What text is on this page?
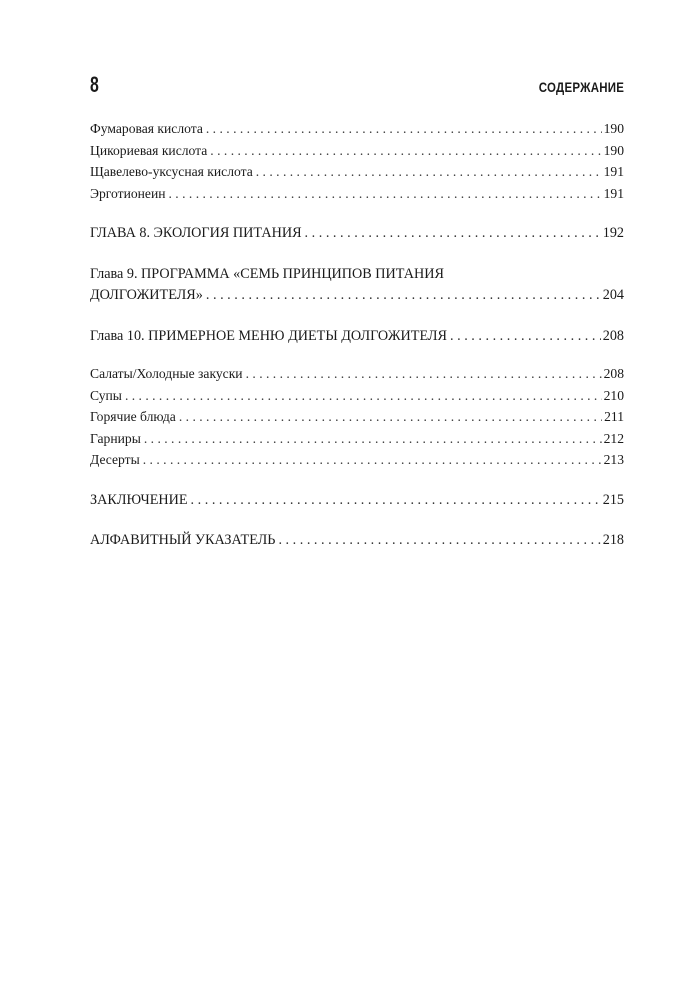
8	СОДЕРЖАНИЕ
Фумаровая кислота . . .	190
Цикориевая кислота . . .	190
Щавелево-уксусная кислота . . .	191
Эрготионеин . . .	191
ГЛАВА 8. ЭКОЛОГИЯ ПИТАНИЯ . . .	192
Глава 9. ПРОГРАММА «СЕМЬ ПРИНЦИПОВ ПИТАНИЯ
ДОЛГОЖИТЕЛЯ» . . .	204
Глава 10. ПРИМЕРНОЕ МЕНЮ ДИЕТЫ ДОЛГОЖИТЕЛЯ . . .	208
Салаты/Холодные закуски . . .	208
Супы . . .	210
Горячие блюда . . .	211
Гарниры . . .	212
Десерты . . .	213
ЗАКЛЮЧЕНИЕ . . .	215
АЛФАВИТНЫЙ УКАЗАТЕЛЬ . . .	218
